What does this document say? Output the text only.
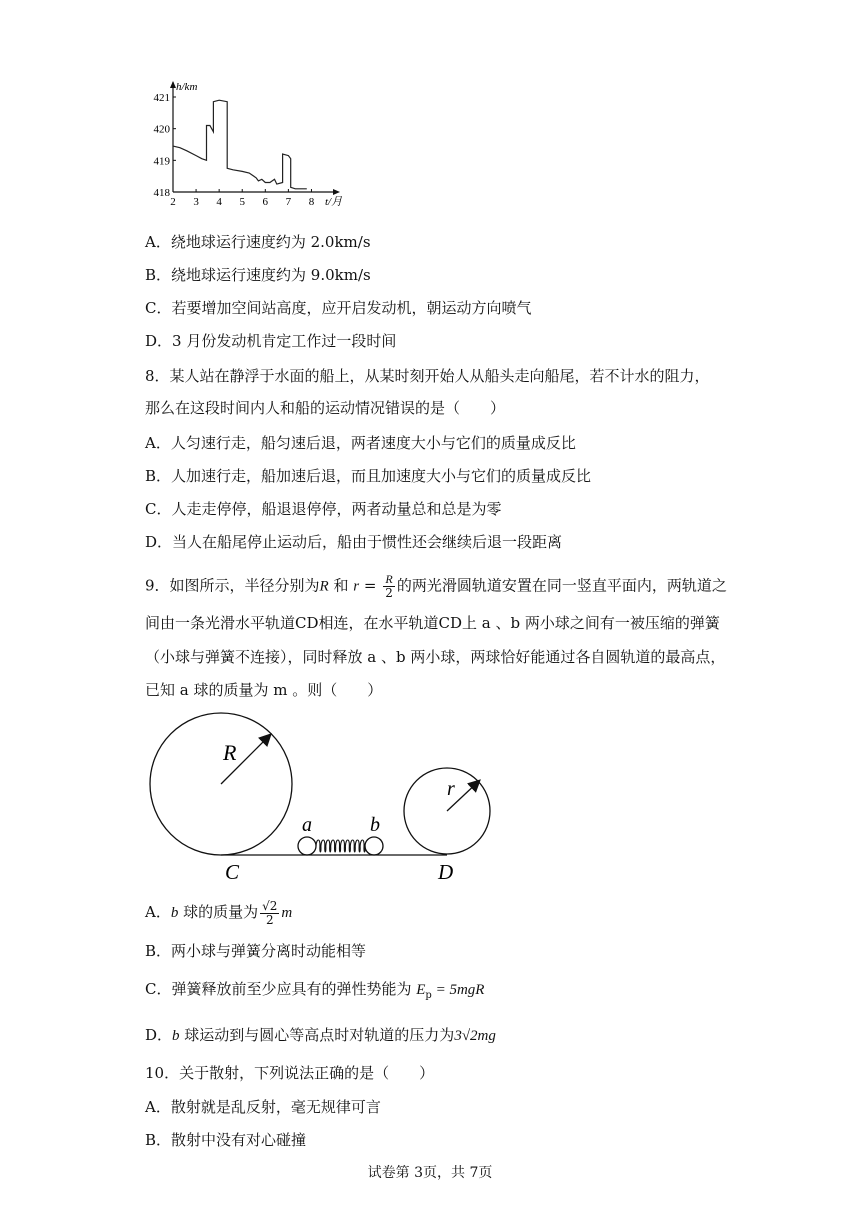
2 3 4 5 6 7 8
418
419
420
421
h/km
t/月
A．绕地球运行速度约为 2.0km/s
B．绕地球运行速度约为 9.0km/s
C．若要增加空间站高度，应开启发动机，朝运动方向喷气
D．3 月份发动机肯定工作过一段时间
8．某人站在静浮于水面的船上，从某时刻开始人从船头走向船尾，若不计水的阻力，
那么在这段时间内人和船的运动情况错误的是（　　）
A．人匀速行走，船匀速后退，两者速度大小与它们的质量成反比
B．人加速行走，船加速后退，而且加速度大小与它们的质量成反比
C．人走走停停，船退退停停，两者动量总和总是为零
D．当人在船尾停止运动后，船由于惯性还会继续后退一段距离
9．如图所示，半径分别为R 和 $r = \frac{R}{2}$ 的两光滑圆轨道安置在同一竖直平面内，两轨道之
间由一条光滑水平轨道CD相连，在水平轨道CD上 a 、b 两小球之间有一被压缩的弹簧
（小球与弹簧不连接），同时释放 a 、b 两小球，两球恰好能通过各自圆轨道的最高点，
已知 a 球的质量为 m 。则（　　）
R
r
a	b
C	D
A．b 球的质量为 $\frac{√2}{2}$ m
B．两小球与弹簧分离时动能相等
C．弹簧释放前至少应具有的弹性势能为 $E_p = 5mgR$
D．b 球运动到与圆心等高点时对轨道的压力为3√2mg
10．关于散射，下列说法正确的是（　　）
A．散射就是乱反射，毫无规律可言
B．散射中没有对心碰撞
试卷第 3页，共 7页
